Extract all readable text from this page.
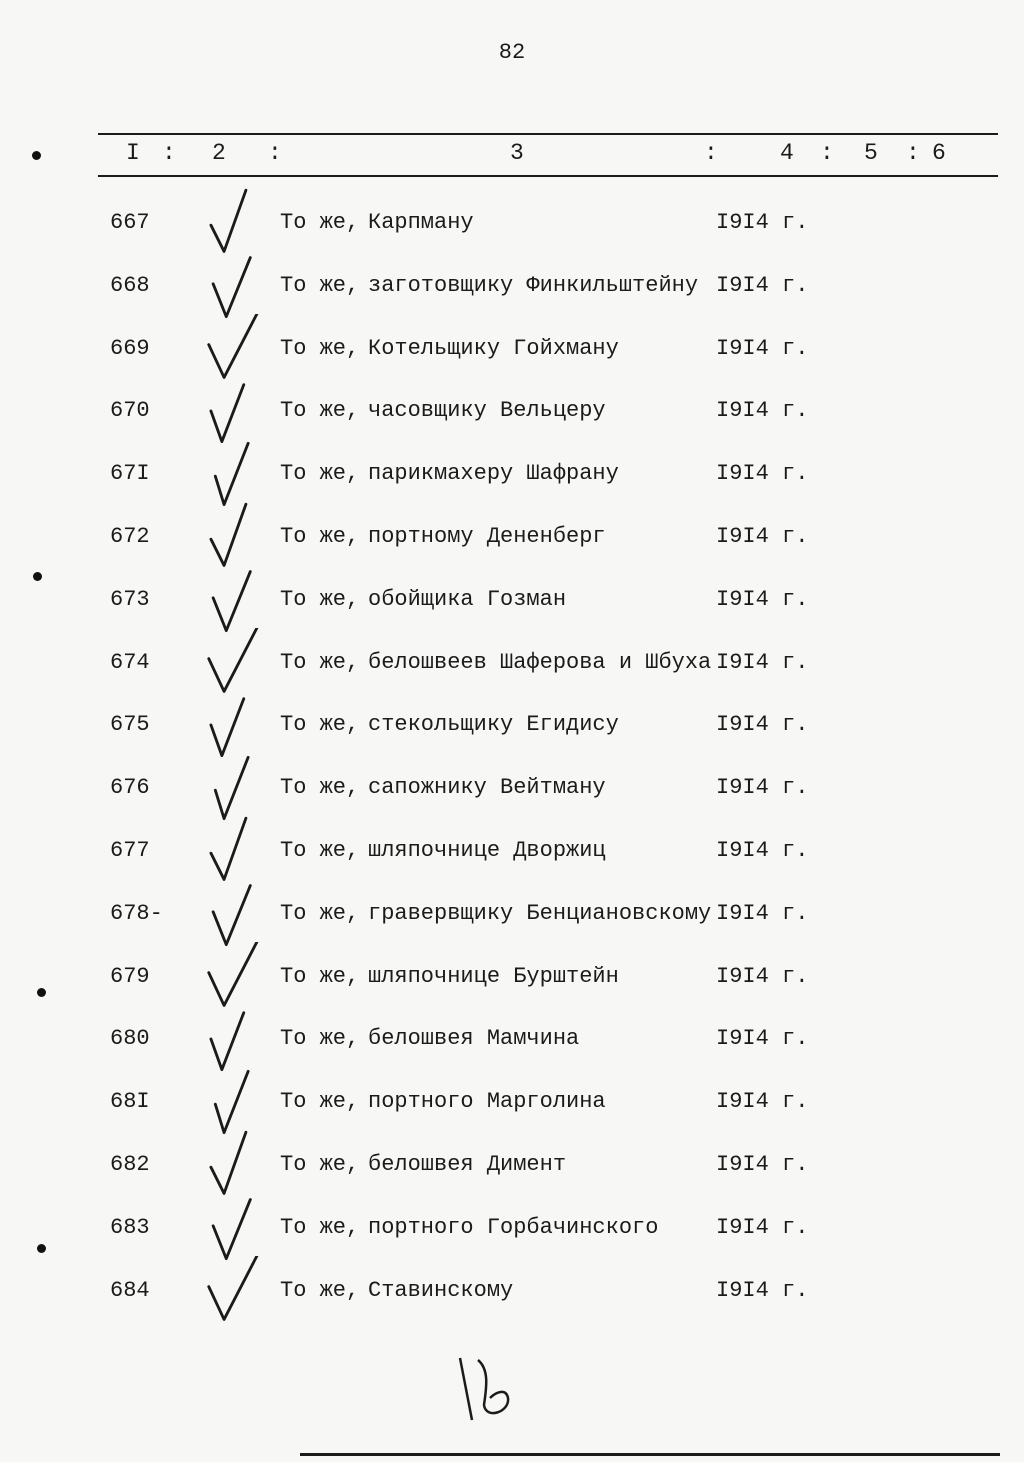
82
I : 2 :	3	:	4 : 5 : 6
667	То же, Карпману	I9I4 г.
668	То же, заготовщику Финкильштейну I9I4 г.
669	То же, Котельщику Гойхману	I9I4 г.
670	То же, часовщику Вельцеру	I9I4 г.
67I	То же, парикмахеру Шафрану	I9I4 г.
672	То же, портному Дененберг	I9I4 г.
673	То же, обойщика Гозман	I9I4 г.
674	То же, белошвеев Шаферова и Шбуха I9I4 г.
675	То же, стекольщику Егидису	I9I4 г.
676	То же, сапожнику Вейтману	I9I4 г.
677	То же, шляпочнице Дворжиц	I9I4 г.
678-	То же, гравервщику Бенциановскому I9I4 г.
679	То же, шляпочнице Бурштейн	I9I4 г.
680	То же, белошвея Мамчина	I9I4 г.
68I	То же, портного Марголина	I9I4 г.
682	То же, белошвея Димент	I9I4 г.
683	То же, портного Горбачинского	I9I4 г.
684	То же, Ставинскому	I9I4 г.
